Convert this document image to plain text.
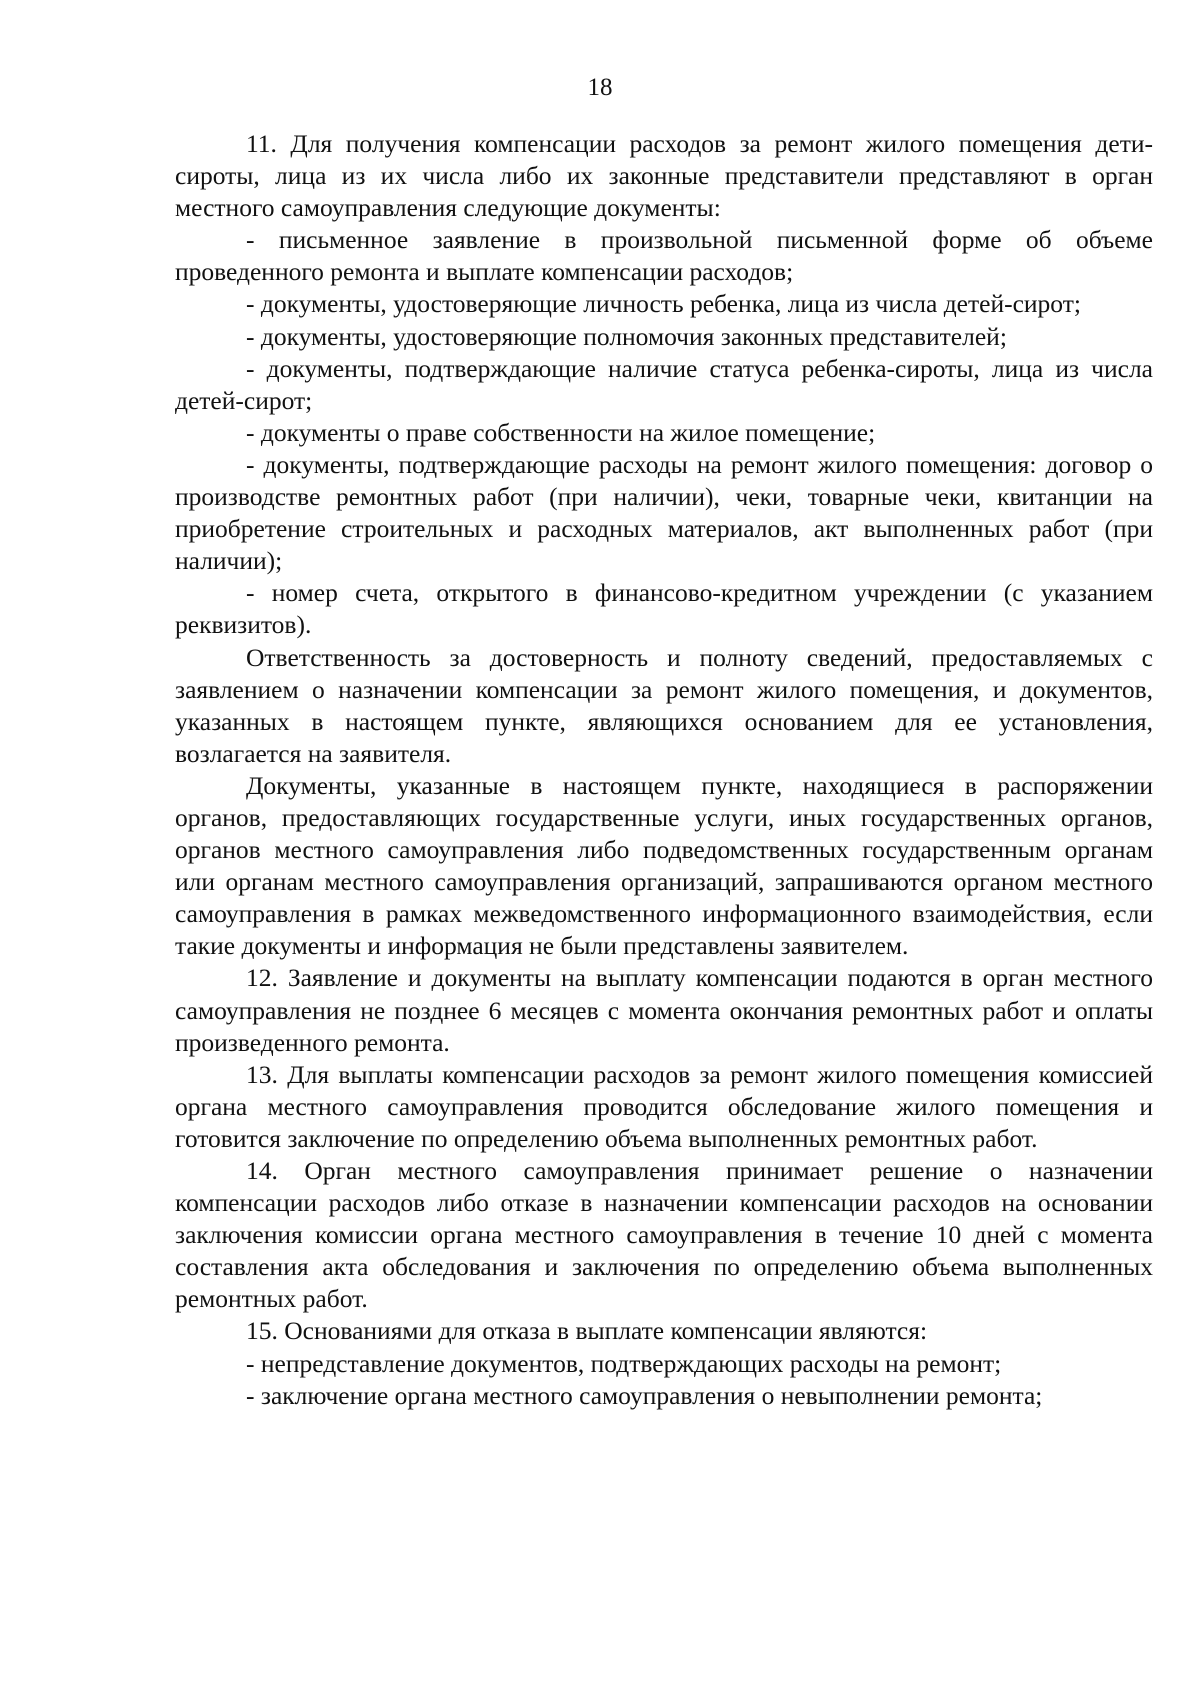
18

11. Для получения компенсации расходов за ремонт жилого помещения дети-сироты, лица из их числа либо их законные представители представляют в орган местного самоуправления следующие документы:

- письменное заявление в произвольной письменной форме об объеме проведенного ремонта и выплате компенсации расходов;

- документы, удостоверяющие личность ребенка, лица из числа детей-сирот;

- документы, удостоверяющие полномочия законных представителей;

- документы, подтверждающие наличие статуса ребенка-сироты, лица из числа детей-сирот;

- документы о праве собственности на жилое помещение;

- документы, подтверждающие расходы на ремонт жилого помещения: договор о производстве ремонтных работ (при наличии), чеки, товарные чеки, квитанции на приобретение строительных и расходных материалов, акт выполненных работ (при наличии);

- номер счета, открытого в финансово-кредитном учреждении (с указанием реквизитов).

Ответственность за достоверность и полноту сведений, предоставляемых с заявлением о назначении компенсации за ремонт жилого помещения, и документов, указанных в настоящем пункте, являющихся основанием для ее установления, возлагается на заявителя.

Документы, указанные в настоящем пункте, находящиеся в распоряжении органов, предоставляющих государственные услуги, иных государственных органов, органов местного самоуправления либо подведомственных государственным органам или органам местного самоуправления организаций, запрашиваются органом местного самоуправления в рамках межведомственного информационного взаимодействия, если такие документы и информация не были представлены заявителем.

12. Заявление и документы на выплату компенсации подаются в орган местного самоуправления не позднее 6 месяцев с момента окончания ремонтных работ и оплаты произведенного ремонта.

13. Для выплаты компенсации расходов за ремонт жилого помещения комиссией органа местного самоуправления проводится обследование жилого помещения и готовится заключение по определению объема выполненных ремонтных работ.

14. Орган местного самоуправления принимает решение о назначении компенсации расходов либо отказе в назначении компенсации расходов на основании заключения комиссии органа местного самоуправления в течение 10 дней с момента составления акта обследования и заключения по определению объема выполненных ремонтных работ.

15. Основаниями для отказа в выплате компенсации являются:

- непредставление документов, подтверждающих расходы на ремонт;

- заключение органа местного самоуправления о невыполнении ремонта;
